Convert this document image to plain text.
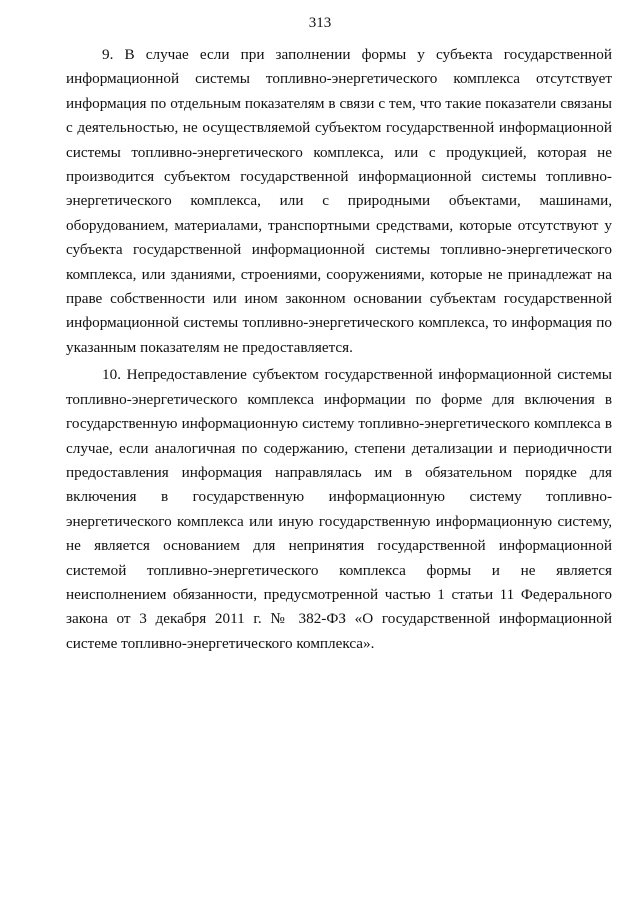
313

9. В случае если при заполнении формы у субъекта государственной информационной системы топливно-энергетического комплекса отсутствует информация по отдельным показателям в связи с тем, что такие показатели связаны с деятельностью, не осуществляемой субъектом государственной информационной системы топливно-энергетического комплекса, или с продукцией, которая не производится субъектом государственной информационной системы топливно-энергетического комплекса, или с природными объектами, машинами, оборудованием, материалами, транспортными средствами, которые отсутствуют у субъекта государственной информационной системы топливно-энергетического комплекса, или зданиями, строениями, сооружениями, которые не принадлежат на праве собственности или ином законном основании субъектам государственной информационной системы топливно-энергетического комплекса, то информация по указанным показателям не предоставляется.

10. Непредоставление субъектом государственной информационной системы топливно-энергетического комплекса информации по форме для включения в государственную информационную систему топливно-энергетического комплекса в случае, если аналогичная по содержанию, степени детализации и периодичности предоставления информация направлялась им в обязательном порядке для включения в государственную информационную систему топливно-энергетического комплекса или иную государственную информационную систему, не является основанием для непринятия государственной информационной системой топливно-энергетического комплекса формы и не является неисполнением обязанности, предусмотренной частью 1 статьи 11 Федерального закона от 3 декабря 2011 г. № 382-ФЗ «О государственной информационной системе топливно-энергетического комплекса».
